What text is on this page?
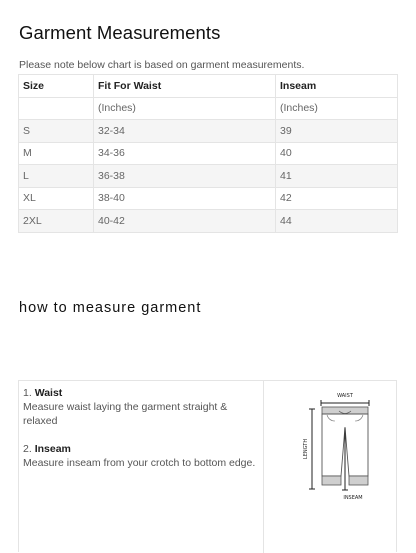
Garment Measurements

Please note below chart is based on garment measurements.

Size	Fit For Waist	Inseam
	(Inches)	(Inches)
S	32-34	39
M	34-36	40
L	36-38	41
XL	38-40	42
2XL	40-42	44
how to measure garment

1. Waist

Measure waist laying the garment straight & relaxed

2. Inseam

Measure inseam from your crotch to bottom edge.

WAIST
LENGTH
INSEAM
